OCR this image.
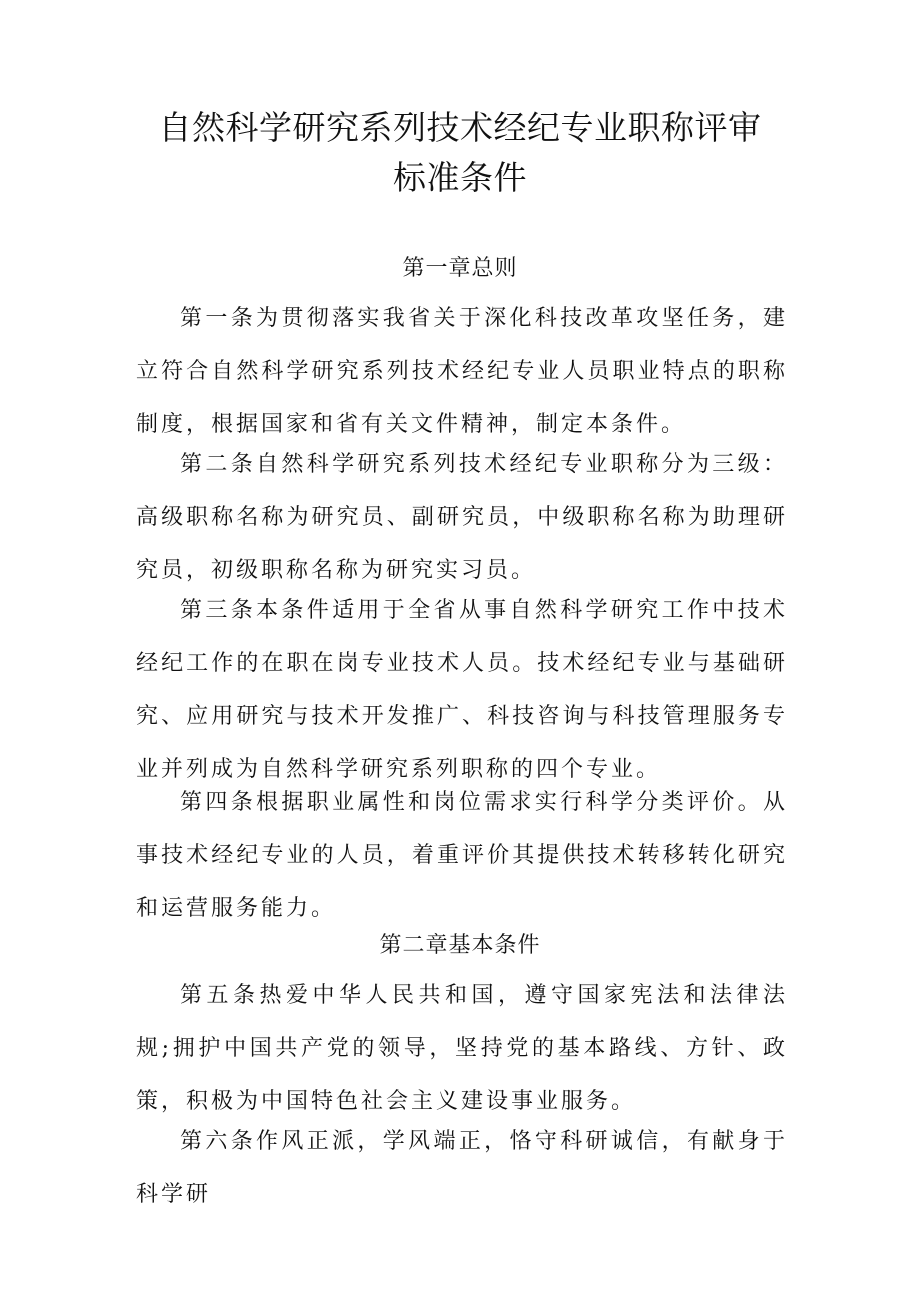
自然科学研究系列技术经纪专业职称评审
标准条件
第一章总则

第一条为贯彻落实我省关于深化科技改革攻坚任务，建立符合自然科学研究系列技术经纪专业人员职业特点的职称制度，根据国家和省有关文件精神，制定本条件。

第二条自然科学研究系列技术经纪专业职称分为三级：高级职称名称为研究员、副研究员，中级职称名称为助理研究员，初级职称名称为研究实习员。

第三条本条件适用于全省从事自然科学研究工作中技术经纪工作的在职在岗专业技术人员。技术经纪专业与基础研究、应用研究与技术开发推广、科技咨询与科技管理服务专业并列成为自然科学研究系列职称的四个专业。

第四条根据职业属性和岗位需求实行科学分类评价。从事技术经纪专业的人员，着重评价其提供技术转移转化研究和运营服务能力。

第二章基本条件

第五条热爱中华人民共和国，遵守国家宪法和法律法规;拥护中国共产党的领导，坚持党的基本路线、方针、政策，积极为中国特色社会主义建设事业服务。

第六条作风正派，学风端正，恪守科研诚信，有献身于科学研
